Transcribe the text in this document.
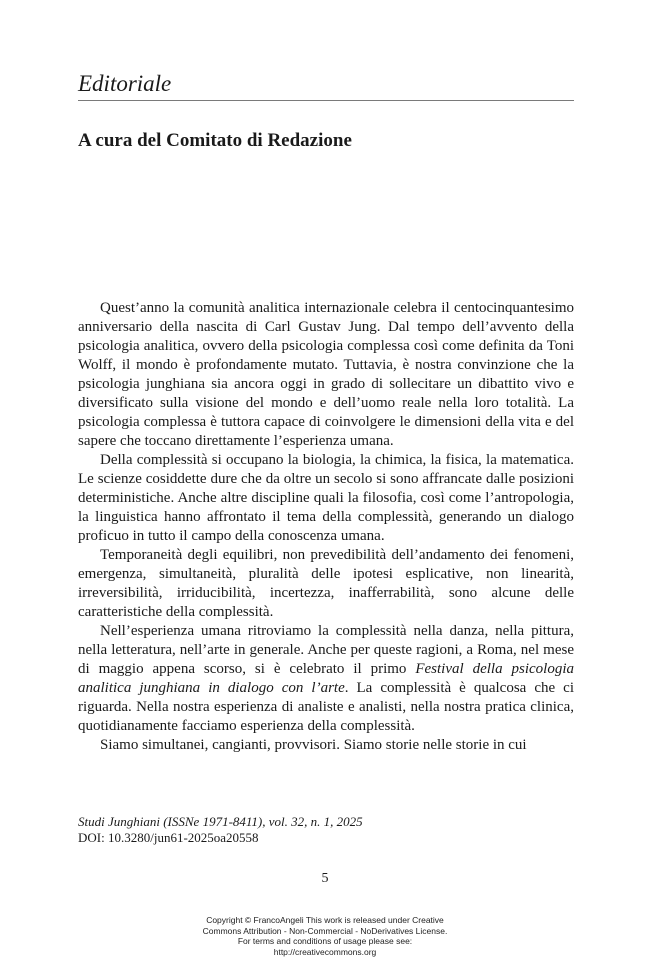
Editoriale
A cura del Comitato di Redazione

Quest’anno la comunità analitica internazionale celebra il centocinquantesimo anniversario della nascita di Carl Gustav Jung. Dal tempo dell’avvento della psicologia analitica, ovvero della psicologia complessa così come definita da Toni Wolff, il mondo è profondamente mutato. Tuttavia, è nostra convinzione che la psicologia junghiana sia ancora oggi in grado di sollecitare un dibattito vivo e diversificato sulla visione del mondo e dell’uomo reale nella loro totalità. La psicologia complessa è tuttora capace di coinvolgere le dimensioni della vita e del sapere che toccano direttamente l’esperienza umana.

Della complessità si occupano la biologia, la chimica, la fisica, la matematica. Le scienze cosiddette dure che da oltre un secolo si sono affrancate dalle posizioni deterministiche. Anche altre discipline quali la filosofia, così come l’antropologia, la linguistica hanno affrontato il tema della complessità, generando un dialogo proficuo in tutto il campo della conoscenza umana.

Temporaneità degli equilibri, non prevedibilità dell’andamento dei fenomeni, emergenza, simultaneità, pluralità delle ipotesi esplicative, non linearità, irreversibilità, irriducibilità, incertezza, inafferrabilità, sono alcune delle caratteristiche della complessità.

Nell’esperienza umana ritroviamo la complessità nella danza, nella pittura, nella letteratura, nell’arte in generale. Anche per queste ragioni, a Roma, nel mese di maggio appena scorso, si è celebrato il primo Festival della psicologia analitica junghiana in dialogo con l’arte. La complessità è qualcosa che ci riguarda. Nella nostra esperienza di analiste e analisti, nella nostra pratica clinica, quotidianamente facciamo esperienza della complessità.

Siamo simultanei, cangianti, provvisori. Siamo storie nelle storie in cui

Studi Junghiani (ISSNe 1971-8411), vol. 32, n. 1, 2025
DOI: 10.3280/jun61-2025oa20558
5
Copyright © FrancoAngeli This work is released under Creative
Commons Attribution - Non-Commercial - NoDerivatives License.
For terms and conditions of usage please see:
http://creativecommons.org
